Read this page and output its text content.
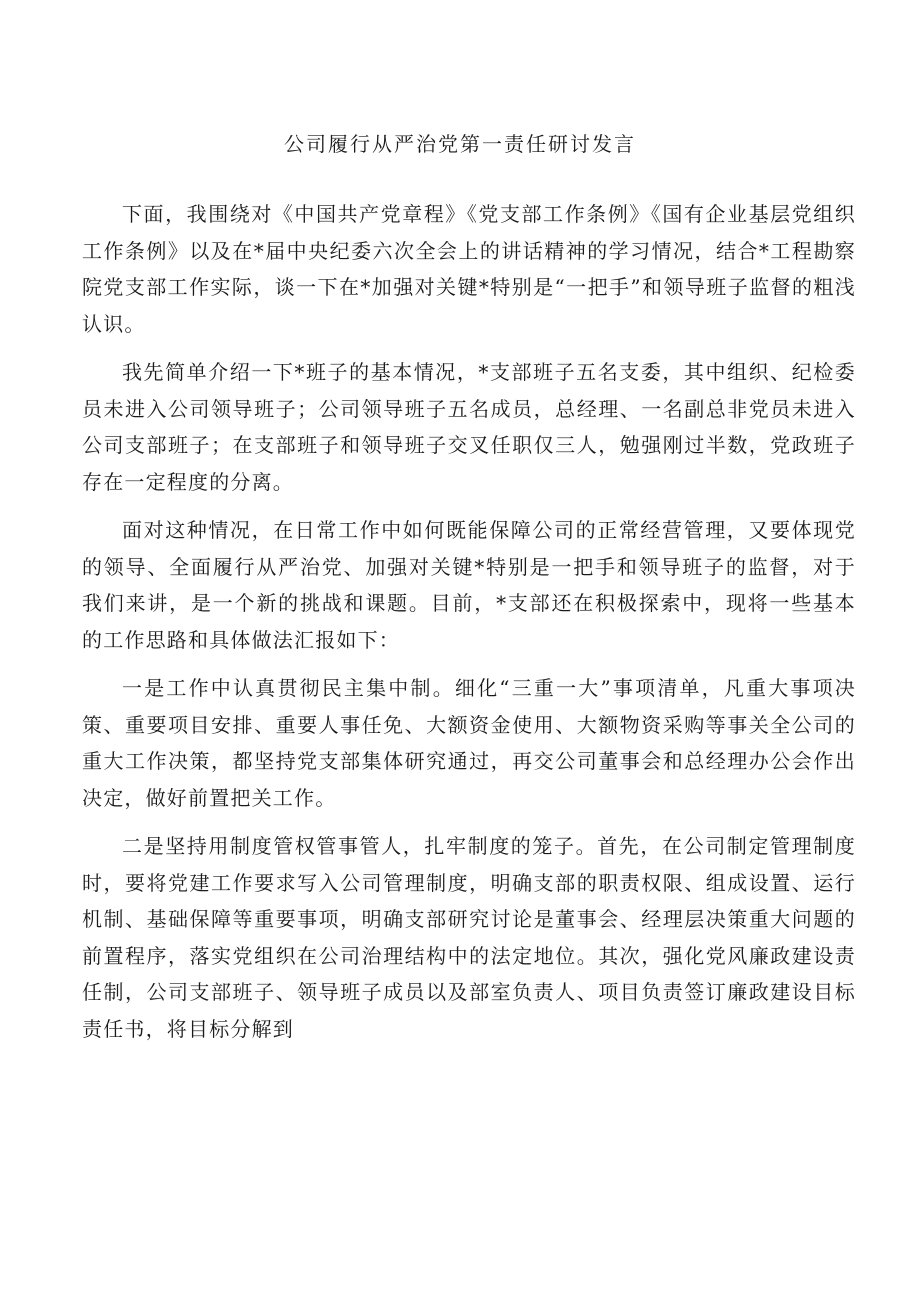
公司履行从严治党第一责任研讨发言

下面，我围绕对《中国共产党章程》《党支部工作条例》《国有企业基层党组织工作条例》以及在*届中央纪委六次全会上的讲话精神的学习情况，结合*工程勘察院党支部工作实际，谈一下在*加强对关键*特别是“一把手”和领导班子监督的粗浅认识。

我先简单介绍一下*班子的基本情况，*支部班子五名支委，其中组织、纪检委员未进入公司领导班子；公司领导班子五名成员，总经理、一名副总非党员未进入公司支部班子；在支部班子和领导班子交叉任职仅三人，勉强刚过半数，党政班子存在一定程度的分离。

面对这种情况，在日常工作中如何既能保障公司的正常经营管理，又要体现党的领导、全面履行从严治党、加强对关键*特别是一把手和领导班子的监督，对于我们来讲，是一个新的挑战和课题。目前，*支部还在积极探索中，现将一些基本的工作思路和具体做法汇报如下：

一是工作中认真贯彻民主集中制。细化“三重一大”事项清单，凡重大事项决策、重要项目安排、重要人事任免、大额资金使用、大额物资采购等事关全公司的重大工作决策，都坚持党支部集体研究通过，再交公司董事会和总经理办公会作出决定，做好前置把关工作。

二是坚持用制度管权管事管人，扎牢制度的笼子。首先，在公司制定管理制度时，要将党建工作要求写入公司管理制度，明确支部的职责权限、组成设置、运行机制、基础保障等重要事项，明确支部研究讨论是董事会、经理层决策重大问题的前置程序，落实党组织在公司治理结构中的法定地位。其次，强化党风廉政建设责任制，公司支部班子、领导班子成员以及部室负责人、项目负责签订廉政建设目标责任书，将目标分解到
